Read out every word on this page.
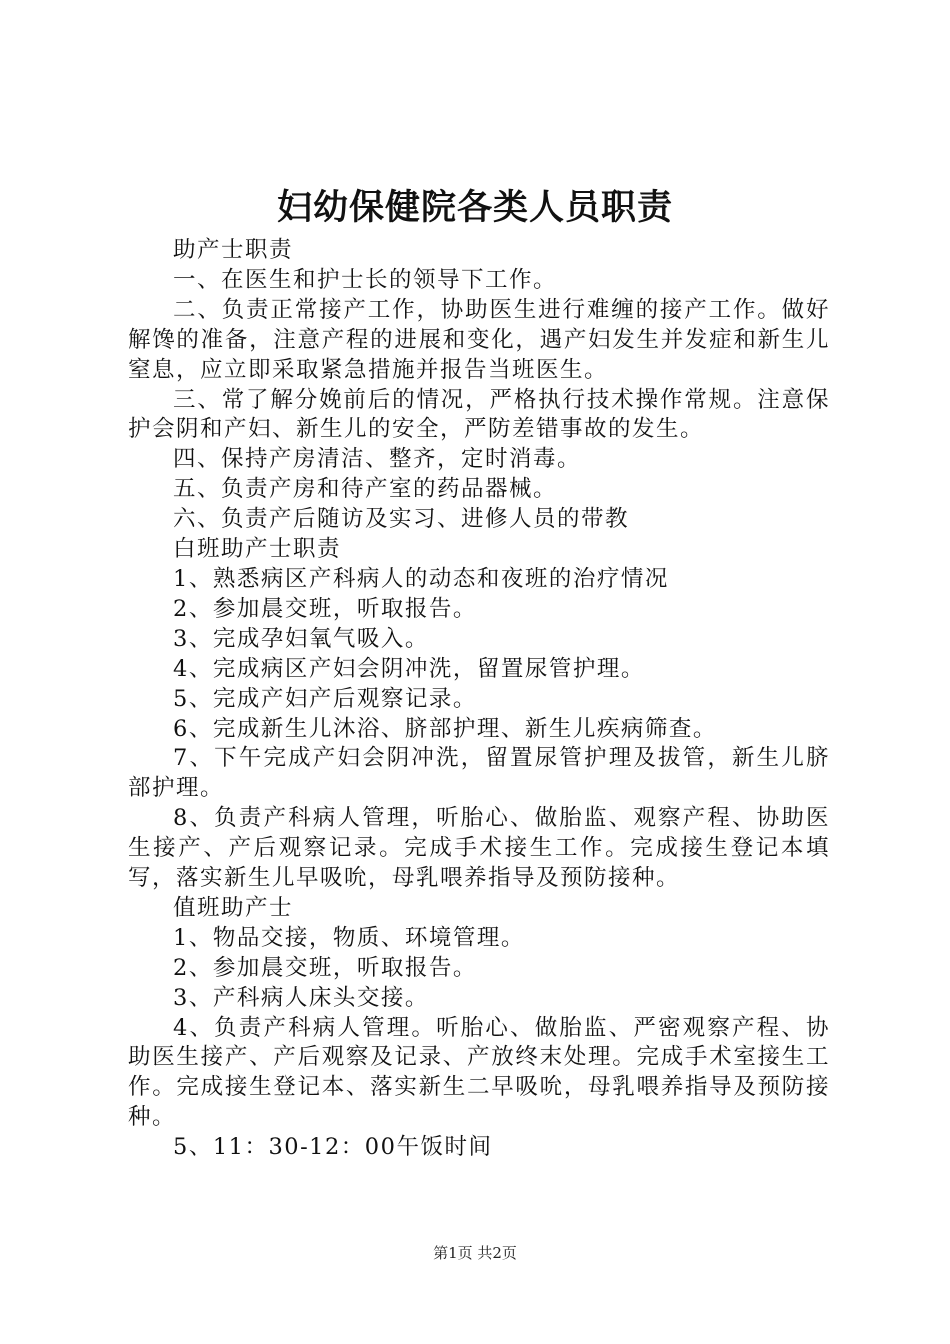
妇幼保健院各类人员职责

助产士职责

一、在医生和护士长的领导下工作。

二、负责正常接产工作，协助医生进行难缠的接产工作。做好解馋的准备，注意产程的进展和变化，遇产妇发生并发症和新生儿窒息，应立即采取紧急措施并报告当班医生。

三、常了解分娩前后的情况，严格执行技术操作常规。注意保护会阴和产妇、新生儿的安全，严防差错事故的发生。

四、保持产房清洁、整齐，定时消毒。

五、负责产房和待产室的药品器械。

六、负责产后随访及实习、进修人员的带教

白班助产士职责

1、熟悉病区产科病人的动态和夜班的治疗情况

2、参加晨交班，听取报告。

3、完成孕妇氧气吸入。

4、完成病区产妇会阴冲洗，留置尿管护理。

5、完成产妇产后观察记录。

6、完成新生儿沐浴、脐部护理、新生儿疾病筛查。

7、下午完成产妇会阴冲洗，留置尿管护理及拔管，新生儿脐部护理。

8、负责产科病人管理，听胎心、做胎监、观察产程、协助医生接产、产后观察记录。完成手术接生工作。完成接生登记本填写，落实新生儿早吸吮，母乳喂养指导及预防接种。

值班助产士

1、物品交接，物质、环境管理。

2、参加晨交班，听取报告。

3、产科病人床头交接。

4、负责产科病人管理。听胎心、做胎监、严密观察产程、协助医生接产、产后观察及记录、产放终末处理。完成手术室接生工作。完成接生登记本、落实新生二早吸吮，母乳喂养指导及预防接种。

5、11：30-12：00午饭时间

第1页 共2页
